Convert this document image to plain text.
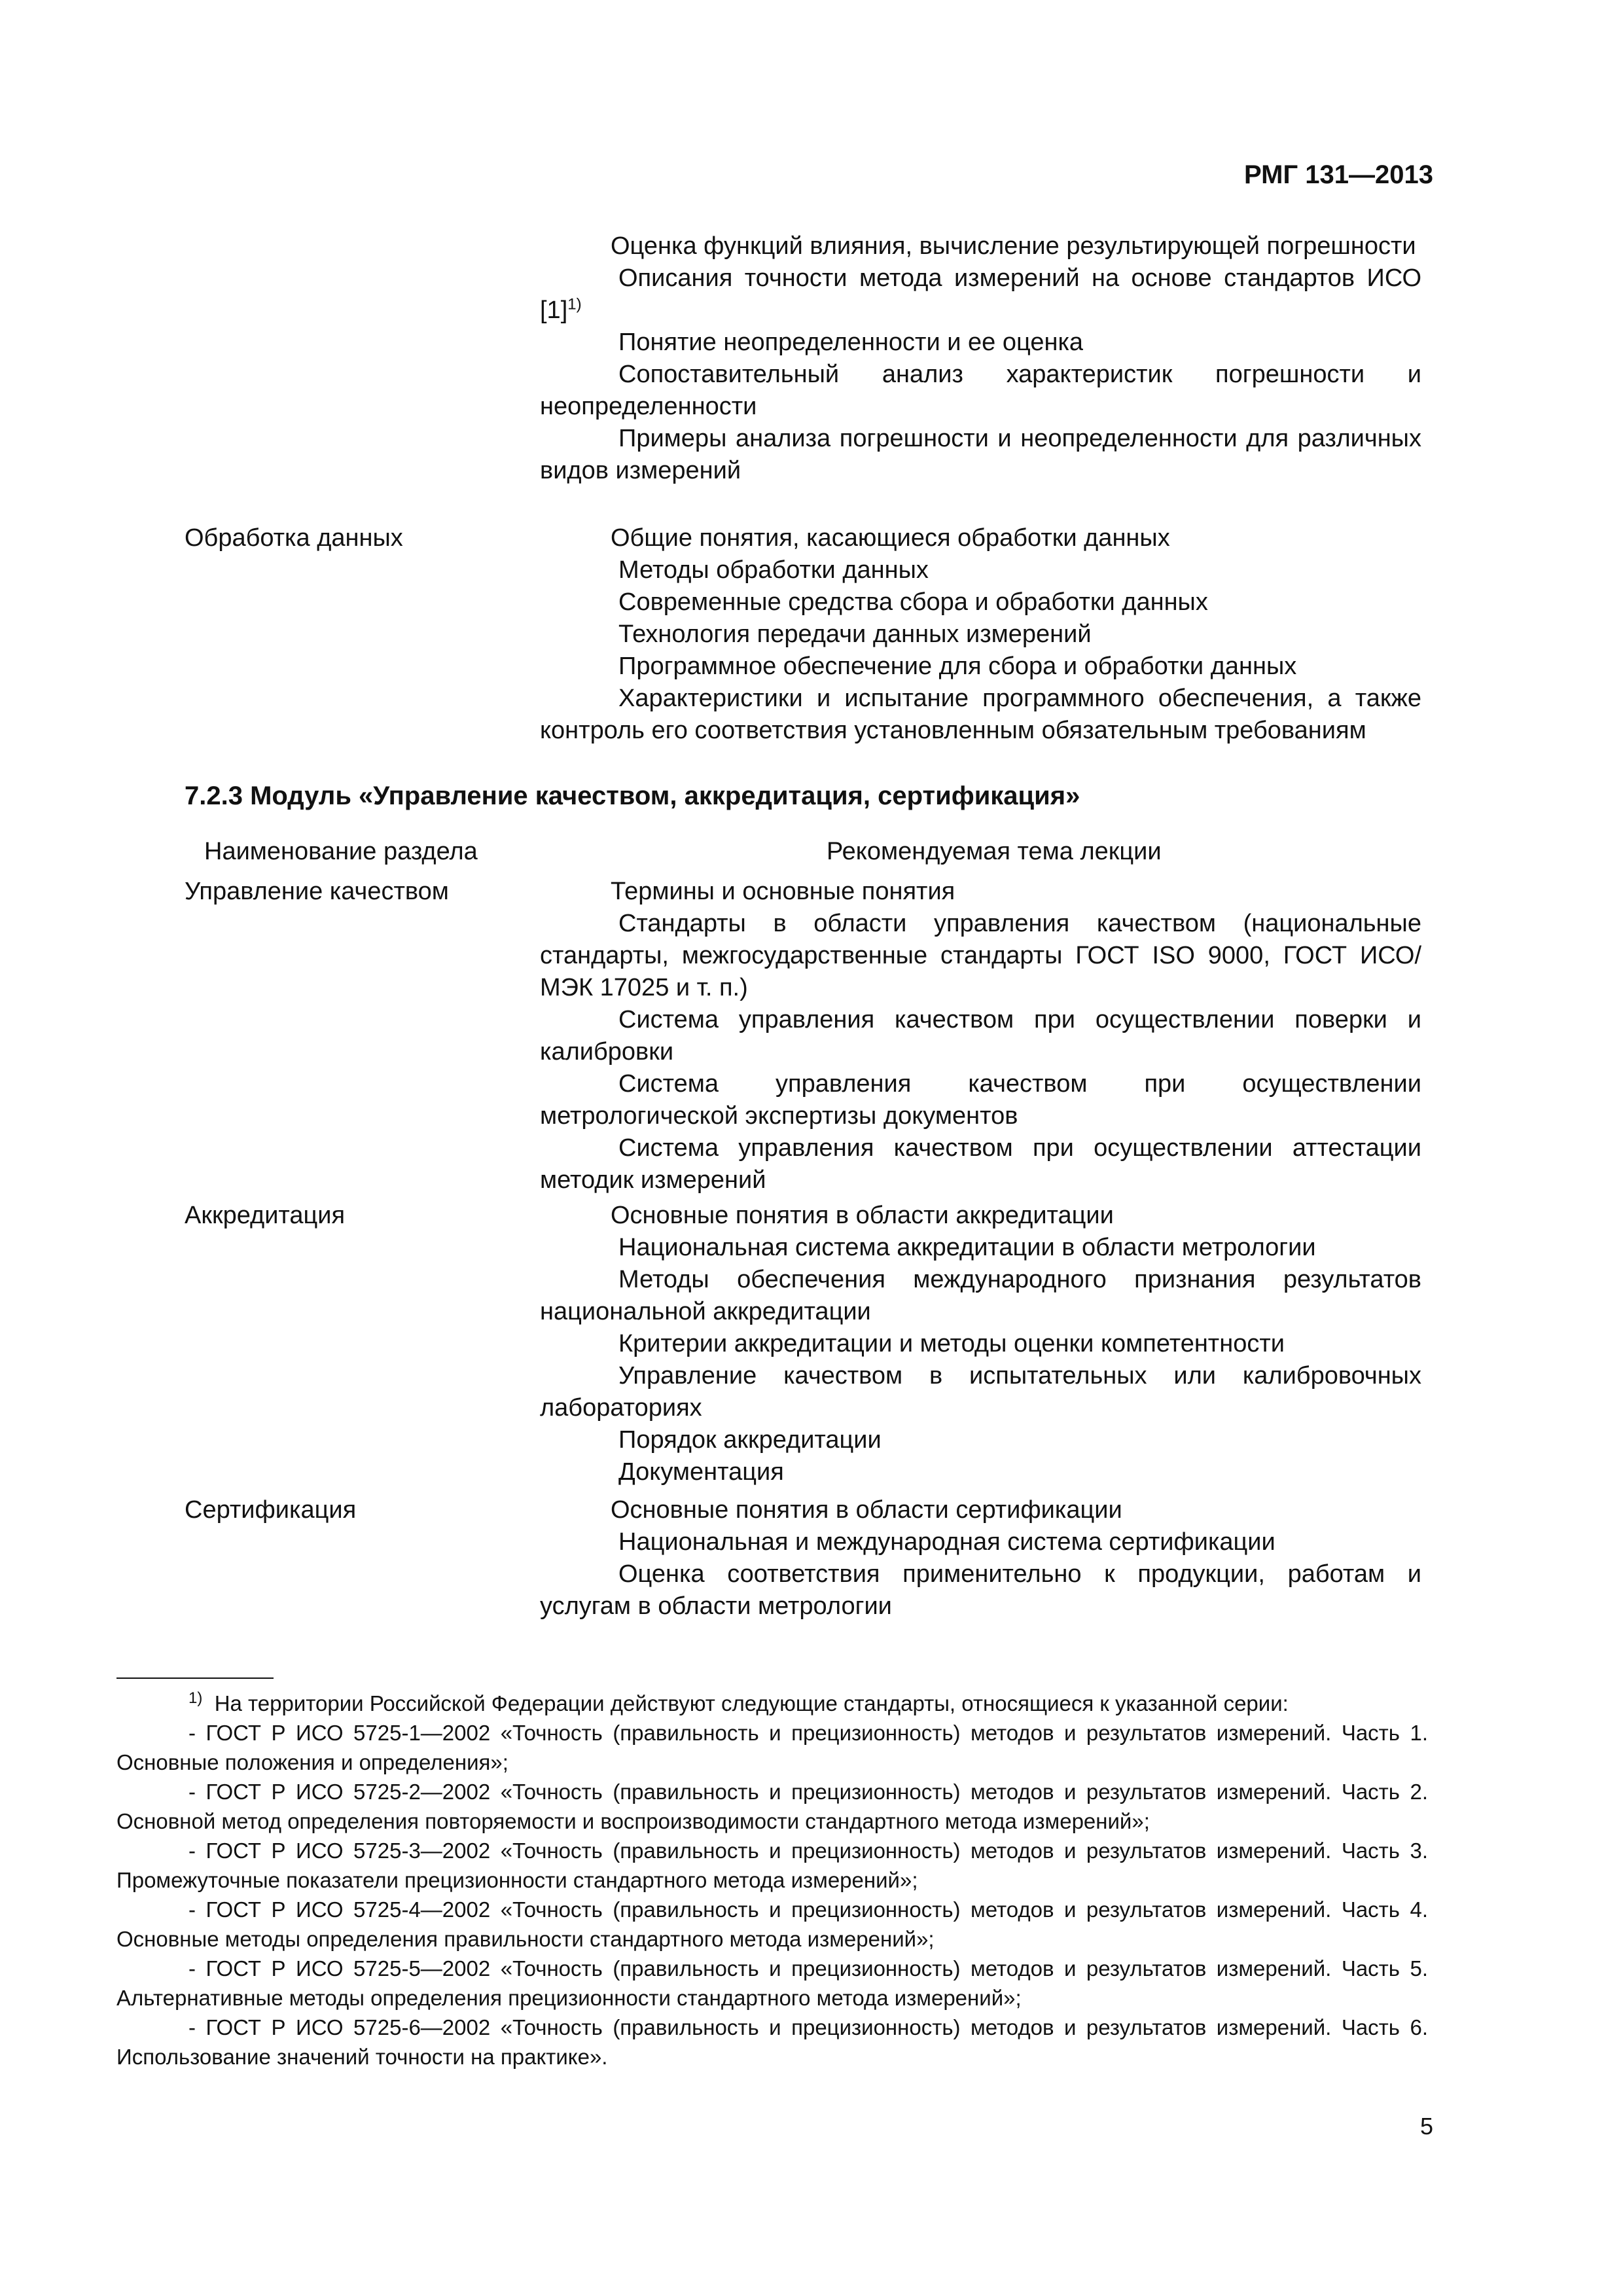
РМГ 131—2013
Оценка функций влияния, вычисление результирующей погрешности
Описания точности метода измерений на основе стандартов ИСО $[1]^{1)}$
Понятие неопределенности и ее оценка
Сопоставительный анализ характеристик погрешности и неопределенности
Примеры анализа погрешности и неопределенности для различных видов измерений
Обработка данных	Общие понятия, касающиеся обработки данных
Методы обработки данных
Современные средства сбора и обработки данных
Технология передачи данных измерений
Программное обеспечение для сбора и обработки данных
Характеристики и испытание программного обеспечения, а также контроль его соответствия установленным обязательным требованиям
7.2.3 Модуль «Управление качеством, аккредитация, сертификация»
Наименование раздела	Рекомендуемая тема лекции
Управление качеством	Термины и основные понятия
Стандарты в области управления качеством (национальные стандарты, межгосударственные стандарты ГОСТ ISO 9000, ГОСТ ИСО/МЭК 17025 и т. п.)
Система управления качеством при осуществлении поверки и калибровки
Система управления качеством при осуществлении метрологической экспертизы документов
Система управления качеством при осуществлении аттестации методик измерений
Аккредитация	Основные понятия в области аккредитации
Национальная система аккредитации в области метрологии
Методы обеспечения международного признания результатов национальной аккредитации
Критерии аккредитации и методы оценки компетентности
Управление качеством в испытательных или калибровочных лабораториях
Порядок аккредитации
Документация
Сертификация	Основные понятия в области сертификации
Национальная и международная система сертификации
Оценка соответствия применительно к продукции, работам и услугам в области метрологии

$^{1)}$ На территории Российской Федерации действуют следующие стандарты, относящиеся к указанной серии:

- ГОСТ Р ИСО 5725-1—2002 «Точность (правильность и прецизионность) методов и результатов измерений. Часть 1. Основные положения и определения»;

- ГОСТ Р ИСО 5725-2—2002 «Точность (правильность и прецизионность) методов и результатов измерений. Часть 2. Основной метод определения повторяемости и воспроизводимости стандартного метода измерений»;

- ГОСТ Р ИСО 5725-3—2002 «Точность (правильность и прецизионность) методов и результатов измерений. Часть 3. Промежуточные показатели прецизионности стандартного метода измерений»;

- ГОСТ Р ИСО 5725-4—2002 «Точность (правильность и прецизионность) методов и результатов измерений. Часть 4. Основные методы определения правильности стандартного метода измерений»;

- ГОСТ Р ИСО 5725-5—2002 «Точность (правильность и прецизионность) методов и результатов измерений. Часть 5. Альтернативные методы определения прецизионности стандартного метода измерений»;

- ГОСТ Р ИСО 5725-6—2002 «Точность (правильность и прецизионность) методов и результатов измерений. Часть 6. Использование значений точности на практике».

5
